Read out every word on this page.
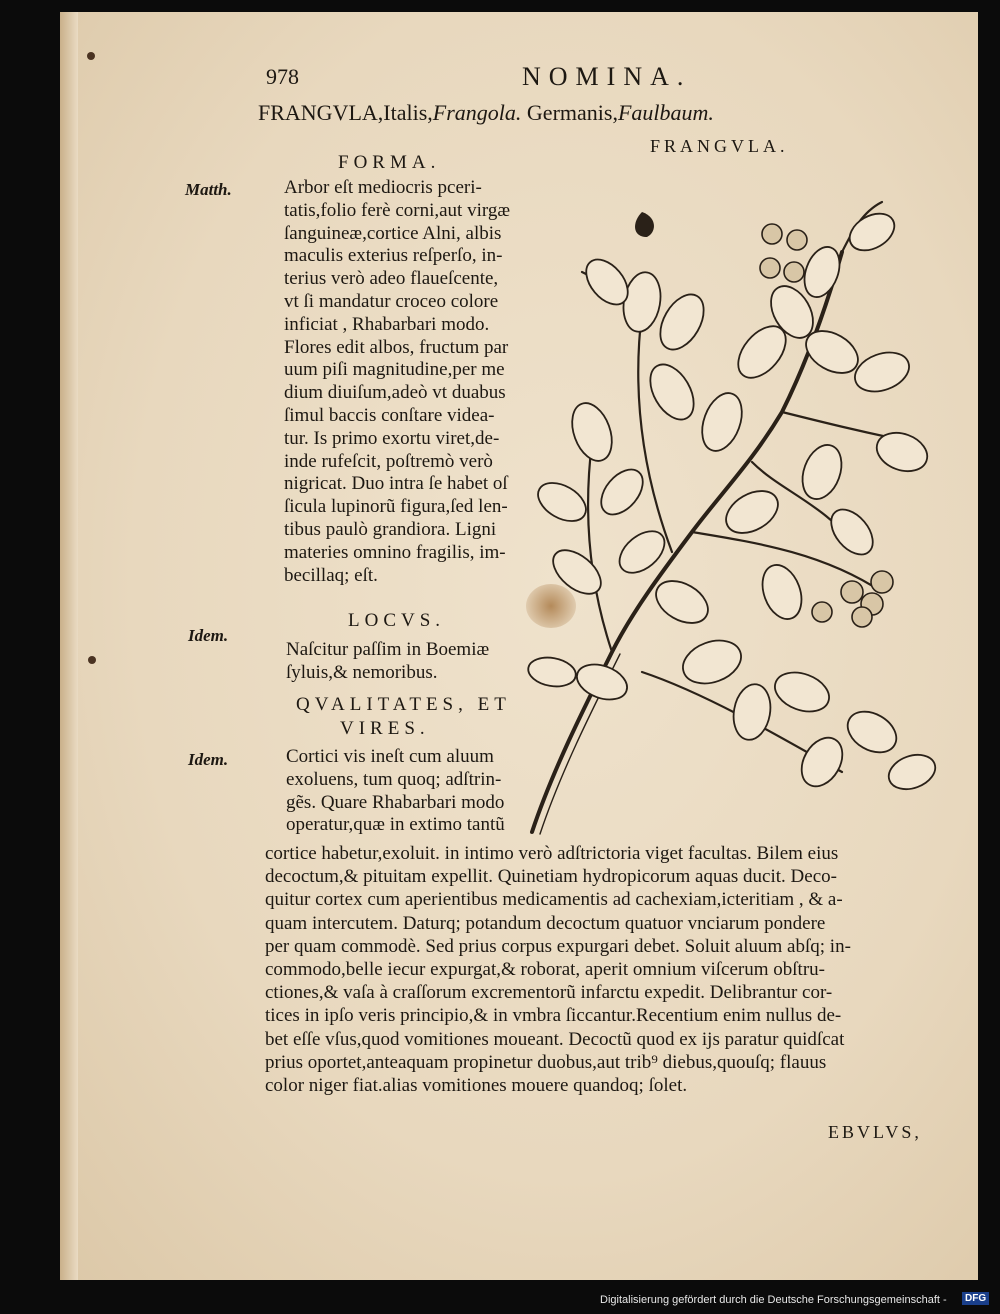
978	NOMINA.
FRANGVLA,Italis,Frangola. Germanis,Faulbaum.
FRANGVLA.
FORMA.
Matth.	Arbor eſt mediocris pceri-
tatis,folio ferè corni,aut virgæ
ſanguineæ,cortice Alni, albis
maculis exterius reſperſo, in-
terius verò adeo flaueſcente,
vt ſi mandatur croceo colore
inficiat , Rhabarbari modo.
Flores edit albos, fructum par
uum piſi magnitudine,per me
dium diuiſum,adeò vt duabus
ſimul baccis conſtare videa-
tur. Is primo exortu viret,de-
inde rufeſcit, poſtremò verò
nigricat. Duo intra ſe habet oſ
ſicula lupinorũ figura,ſed len-
tibus paulò grandiora. Ligni
materies omnino fragilis, im-
becillaq; eſt.
LOCVS.
Idem.
Naſcitur paſſim in Boemiæ
ſyluis,& nemoribus.
QVALITATES, ET
VIRES.
Idem.	Cortici vis ineſt cum aluum
exoluens, tum quoq; adſtrin-
gẽs. Quare Rhabarbari modo
operatur,quæ in extimo tantũ
cortice habetur,exoluit. in intimo verò adſtrictoria viget facultas. Bilem eius
decoctum,& pituitam expellit. Quinetiam hydropicorum aquas ducit. Deco-
quitur cortex cum aperientibus medicamentis ad cachexiam,icteritiam , & a-
quam intercutem. Daturq; potandum decoctum quatuor vnciarum pondere
per quam commodè. Sed prius corpus expurgari debet. Soluit aluum abſq; in-
commodo,belle iecur expurgat,& roborat, aperit omnium viſcerum obſtru-
ctiones,& vaſa à craſſorum excrementorũ infarctu expedit. Delibrantur cor-
tices in ipſo veris principio,& in vmbra ſiccantur.Recentium enim nullus de-
bet eſſe vſus,quod vomitiones moueant. Decoctũ quod ex ijs paratur quidſcat
prius oportet,anteaquam propinetur duobus,aut trib⁹ diebus,quouſq; flauus
color niger fiat.alias vomitiones mouere quandoq; ſolet.
EBVLVS,
Digitalisierung gefördert durch die Deutsche Forschungsgemeinschaft -	DFG
